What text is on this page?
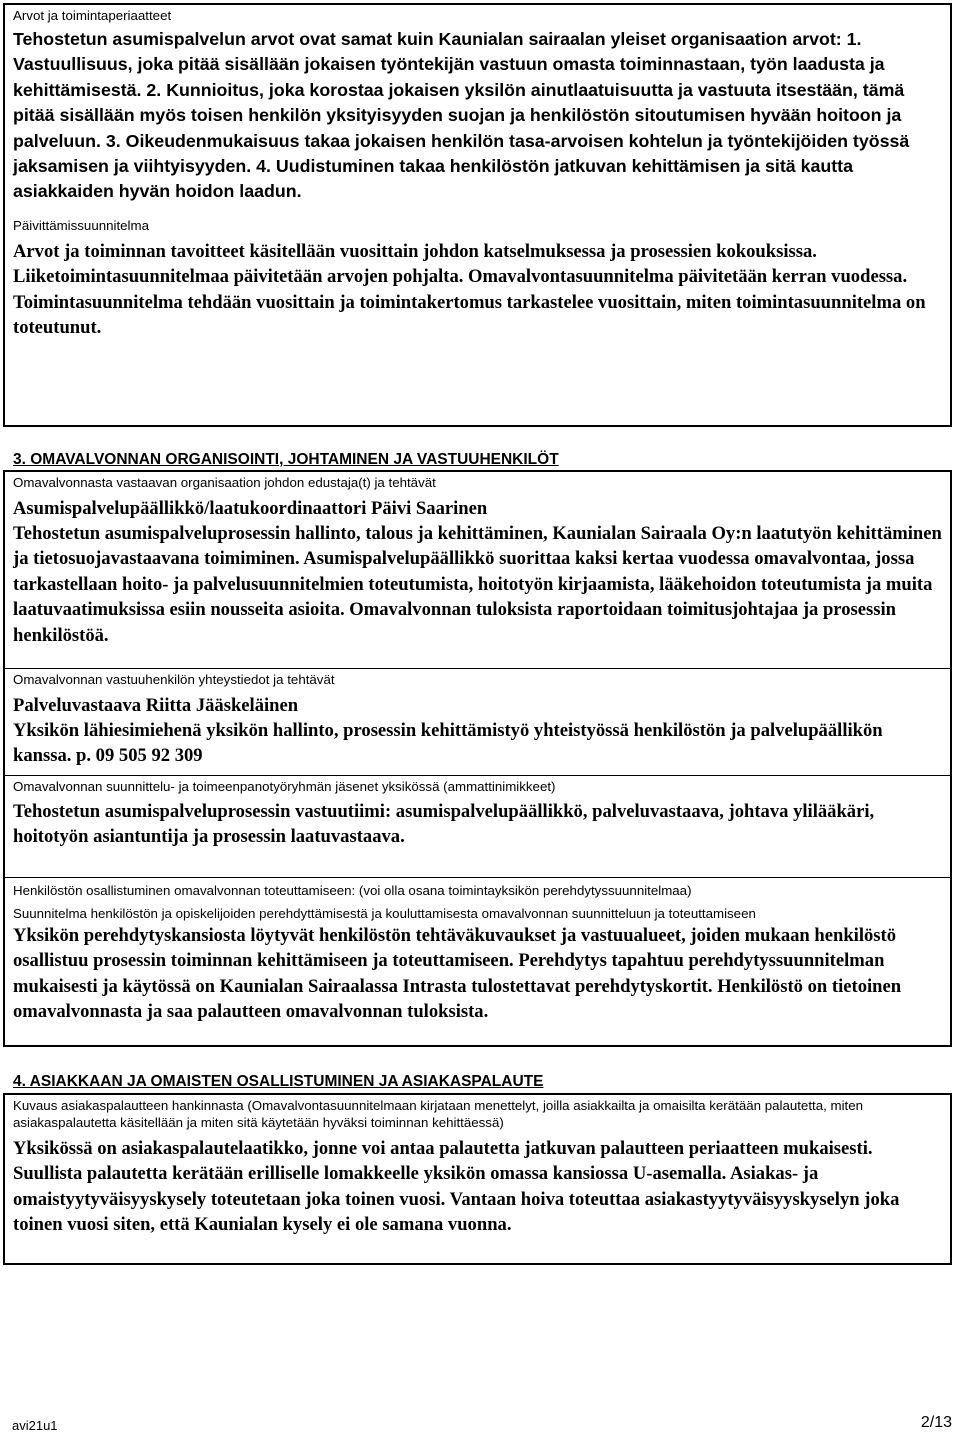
Arvot ja toimintaperiaatteet
Tehostetun asumispalvelun arvot ovat samat kuin Kaunialan sairaalan yleiset organisaation arvot: 1. Vastuullisuus, joka pitää sisällään jokaisen työntekijän vastuun omasta toiminnastaan, työn laadusta ja kehittämisestä. 2. Kunnioitus, joka korostaa jokaisen yksilön ainutlaatuisuutta ja vastuuta itsestään, tämä pitää sisällään myös toisen henkilön yksityisyyden suojan ja henkilöstön sitoutumisen hyvään hoitoon ja palveluun. 3. Oikeudenmukaisuus takaa jokaisen henkilön tasa-arvoisen kohtelun ja työntekijöiden työssä jaksamisen ja viihtyisyyden. 4. Uudistuminen takaa henkilöstön jatkuvan kehittämisen ja sitä kautta asiakkaiden hyvän hoidon laadun.
Päivittämissuunnitelma
Arvot ja toiminnan tavoitteet käsitellään vuosittain johdon katselmuksessa ja prosessien kokouksissa. Liiketoimintasuunnitelmaa päivitetään arvojen pohjalta. Omavalvontasuunnitelma päivitetään kerran vuodessa. Toimintasuunnitelma tehdään vuosittain ja toimintakertomus tarkastelee vuosittain, miten toimintasuunnitelma on toteutunut.
3. OMAVALVONNAN ORGANISOINTI, JOHTAMINEN JA VASTUUHENKILÖT
Omavalvonnasta vastaavan organisaation johdon edustaja(t) ja tehtävät
Asumispalvelupäällikkö/laatukoordinaattori Päivi Saarinen
Tehostetun asumispalveluprosessin hallinto, talous ja kehittäminen, Kaunialan Sairaala Oy:n laatutyön kehittäminen ja tietosuojavastaavana toimiminen. Asumispalvelupäällikkö suorittaa kaksi kertaa vuodessa omavalvontaa, jossa tarkastellaan hoito- ja palvelusuunnitelmien toteutumista, hoitotyön kirjaamista, lääkehoidon toteutumista ja muita laatuvaatimuksissa esiin nousseita asioita. Omavalvonnan tuloksista raportoidaan toimitusjohtajaa ja prosessin henkilöstöä.
Omavalvonnan vastuuhenkilön yhteystiedot ja tehtävät
Palveluvastaava Riitta Jääskeläinen
Yksikön lähiesimiehenä yksikön hallinto, prosessin kehittämistyö yhteistyössä henkilöstön ja palvelupäällikön kanssa. p. 09 505 92 309
Omavalvonnan suunnittelu- ja toimeenpanotyöryhmän jäsenet yksikössä (ammattinimikkeet)
Tehostetun asumispalveluprosessin vastuutiimi: asumispalvelupäällikkö, palveluvastaava, johtava ylilääkäri, hoitotyön asiantuntija ja prosessin laatuvastaava.
Henkilöstön osallistuminen omavalvonnan toteuttamiseen: (voi olla osana toimintayksikön perehdytyssuunnitelmaa)
Suunnitelma henkilöstön ja opiskelijoiden perehdyttämisestä ja kouluttamisesta omavalvonnan suunnitteluun ja toteuttamiseen
Yksikön perehdytyskansiosta löytyvät henkilöstön tehtäväkuvaukset ja vastuualueet, joiden mukaan henkilöstö osallistuu prosessin toiminnan kehittämiseen ja toteuttamiseen. Perehdytys tapahtuu perehdytyssuunnitelman mukaisesti ja käytössä on Kaunialan Sairaalassa Intrasta tulostettavat perehdytyskortit. Henkilöstö on tietoinen omavalvonnasta ja saa palautteen omavalvonnan tuloksista.
4. ASIAKKAAN JA OMAISTEN OSALLISTUMINEN JA ASIAKASPALAUTE
Kuvaus asiakaspalautteen hankinnasta (Omavalvontasuunnitelmaan kirjataan menettelyt, joilla asiakkailta ja omaisilta kerätään palautetta, miten asiakaspalautetta käsitellään ja miten sitä käytetään hyväksi toiminnan kehittäessä)
Yksikössä on asiakaspalautelaatikko, jonne voi antaa palautetta jatkuvan palautteen periaatteen mukaisesti. Suullista palautetta kerätään erilliselle lomakkeelle yksikön omassa kansiossa U-asemalla. Asiakas- ja omaistyytyväisyyskysely toteutetaan joka toinen vuosi. Vantaan hoiva toteuttaa asiakastyytyväisyyskyselyn joka toinen vuosi siten, että Kaunialan kysely ei ole samana vuonna.
avi21u1	2/13
